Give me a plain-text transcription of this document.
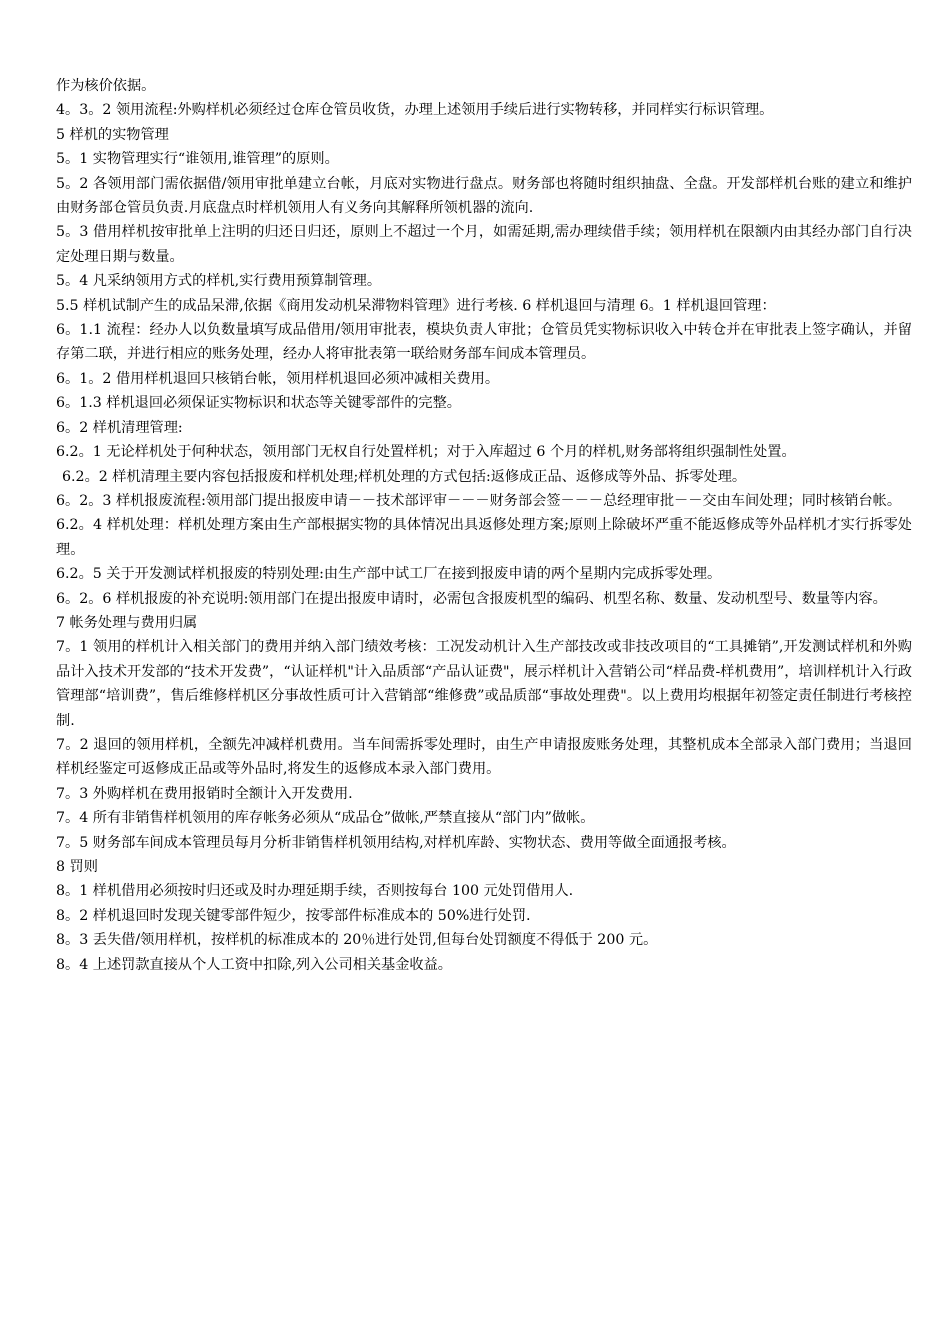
作为核价依据。

4。3。2 领用流程:外购样机必须经过仓库仓管员收货，办理上述领用手续后进行实物转移，并同样实行标识管理。

5 样机的实物管理

5。1 实物管理实行“谁领用,谁管理”的原则。

5。2 各领用部门需依据借/领用审批单建立台帐，月底对实物进行盘点。财务部也将随时组织抽盘、全盘。开发部样机台账的建立和维护由财务部仓管员负责.月底盘点时样机领用人有义务向其解释所领机器的流向.

5。3 借用样机按审批单上注明的归还日归还，原则上不超过一个月，如需延期,需办理续借手续；领用样机在限额内由其经办部门自行决定处理日期与数量。

5。4 凡采纳领用方式的样机,实行费用预算制管理。

5.5 样机试制产生的成品呆滞,依据《商用发动机呆滞物料管理》进行考核. 6 样机退回与清理 6。1 样机退回管理：

6。1.1 流程：经办人以负数量填写成品借用/领用审批表，模块负责人审批；仓管员凭实物标识收入中转仓并在审批表上签字确认，并留存第二联，并进行相应的账务处理，经办人将审批表第一联给财务部车间成本管理员。

6。1。2 借用样机退回只核销台帐，领用样机退回必须冲减相关费用。

6。1.3 样机退回必须保证实物标识和状态等关键零部件的完整。

6。2 样机清理管理:

6.2。1 无论样机处于何种状态，领用部门无权自行处置样机；对于入库超过 6 个月的样机,财务部将组织强制性处置。

6.2。2 样机清理主要内容包括报废和样机处理;样机处理的方式包括:返修成正品、返修成等外品、拆零处理。

6。2。3 样机报废流程:领用部门提出报废申请－－技术部评审－－－财务部会签－－－总经理审批－－交由车间处理；同时核销台帐。

6.2。4 样机处理：样机处理方案由生产部根据实物的具体情况出具返修处理方案;原则上除破坏严重不能返修成等外品样机才实行拆零处理。

6.2。5 关于开发测试样机报废的特别处理:由生产部中试工厂在接到报废申请的两个星期内完成拆零处理。

6。2。6 样机报废的补充说明:领用部门在提出报废申请时，必需包含报废机型的编码、机型名称、数量、发动机型号、数量等内容。

7 帐务处理与费用归属

7。1 领用的样机计入相关部门的费用并纳入部门绩效考核：工况发动机计入生产部技改或非技改项目的“工具摊销”,开发测试样机和外购品计入技术开发部的“技术开发费”，“认证样机"计入品质部“产品认证费"，展示样机计入营销公司“样品费-样机费用”，培训样机计入行政管理部“培训费”，售后维修样机区分事故性质可计入营销部“维修费”或品质部“事故处理费"。以上费用均根据年初签定责任制进行考核控制.

7。2 退回的领用样机，全额先冲减样机费用。当车间需拆零处理时，由生产申请报废账务处理，其整机成本全部录入部门费用；当退回样机经鉴定可返修成正品或等外品时,将发生的返修成本录入部门费用。

7。3 外购样机在费用报销时全额计入开发费用.

7。4 所有非销售样机领用的库存帐务必须从“成品仓”做帐,严禁直接从“部门内”做帐。

7。5 财务部车间成本管理员每月分析非销售样机领用结构,对样机库龄、实物状态、费用等做全面通报考核。

8 罚则

8。1 样机借用必须按时归还或及时办理延期手续，否则按每台 100 元处罚借用人.

8。2 样机退回时发现关键零部件短少，按零部件标准成本的 50%进行处罚.

8。3 丢失借/领用样机，按样机的标准成本的 20％进行处罚,但每台处罚额度不得低于 200 元。

8。4 上述罚款直接从个人工资中扣除,列入公司相关基金收益。
